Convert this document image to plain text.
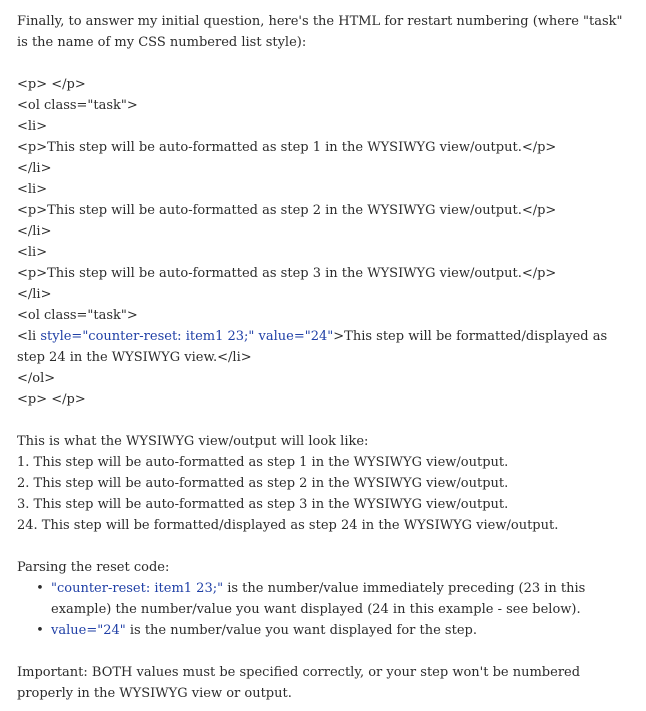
Finally, to answer my initial question, here's the HTML for restart numbering (where "task" is the name of my CSS numbered list style):
<p> </p>
<ol class="task">
<li>
<p>This step will be auto-formatted as step 1 in the WYSIWYG view/output.</p>
</li>
<li>
<p>This step will be auto-formatted as step 2 in the WYSIWYG view/output.</p>
</li>
<li>
<p>This step will be auto-formatted as step 3 in the WYSIWYG view/output.</p>
</li>
<ol class="task">
<li style="counter-reset: item1 23;" value="24">This step will be formatted/displayed as step 24 in the WYSIWYG view.</li>
</ol>
<p> </p>
This is what the WYSIWYG view/output will look like:
1. This step will be auto-formatted as step 1 in the WYSIWYG view/output.
2. This step will be auto-formatted as step 2 in the WYSIWYG view/output.
3. This step will be auto-formatted as step 3 in the WYSIWYG view/output.
24. This step will be formatted/displayed as step 24 in the WYSIWYG view/output.
Parsing the reset code:
• "counter-reset: item1 23;" is the number/value immediately preceding (23 in this example) the number/value you want displayed (24 in this example - see below).
• value="24" is the number/value you want displayed for the step.
Important: BOTH values must be specified correctly, or your step won't be numbered properly in the WYSIWYG view or output.
